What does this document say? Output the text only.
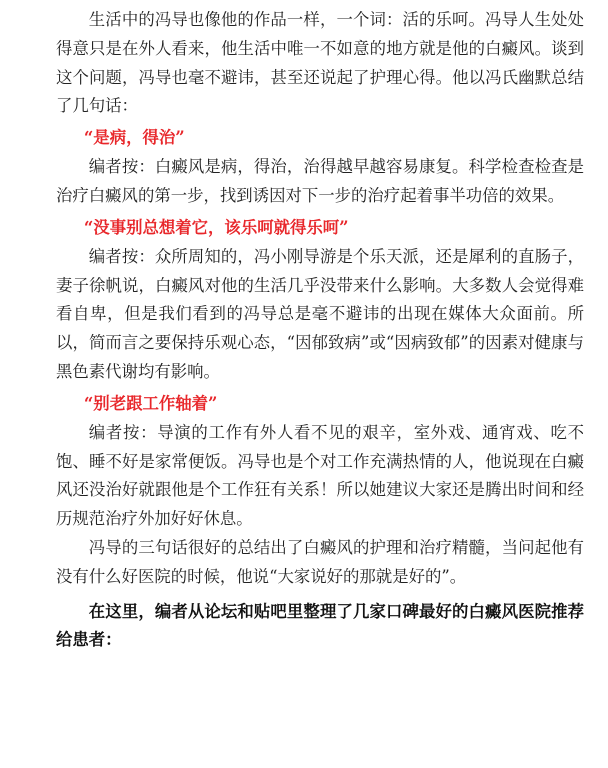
生活中的冯导也像他的作品一样，一个词：活的乐呵。冯导人生处处得意只是在外人看来，他生活中唯一不如意的地方就是他的白癜风。谈到这个问题，冯导也毫不避讳，甚至还说起了护理心得。他以冯氏幽默总结了几句话：

“是病，得治”

编者按：白癜风是病，得治，治得越早越容易康复。科学检查检查是治疗白癜风的第一步，找到诱因对下一步的治疗起着事半功倍的效果。

“没事别总想着它，该乐呵就得乐呵”

编者按：众所周知的，冯小刚导游是个乐天派，还是犀利的直肠子，妻子徐帆说，白癜风对他的生活几乎没带来什么影响。大多数人会觉得难看自卑，但是我们看到的冯导总是毫不避讳的出现在媒体大众面前。所以，简而言之要保持乐观心态，“因郁致病”或“因病致郁”的因素对健康与黑色素代谢均有影响。

“别老跟工作轴着”

编者按：导演的工作有外人看不见的艰辛，室外戏、通宵戏、吃不饱、睡不好是家常便饭。冯导也是个对工作充满热情的人，他说现在白癜风还没治好就跟他是个工作狂有关系！所以她建议大家还是腾出时间和经历规范治疗外加好好休息。

冯导的三句话很好的总结出了白癜风的护理和治疗精髓，当问起他有没有什么好医院的时候，他说“大家说好的那就是好的”。

在这里，编者从论坛和贴吧里整理了几家口碑最好的白癜风医院推荐给患者：
